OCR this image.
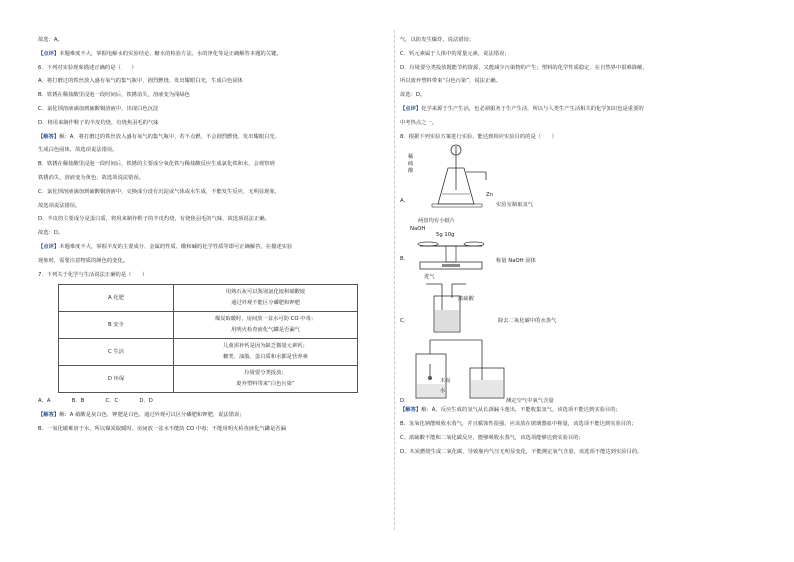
故选：A。
【点评】本题难度不大，掌握电解水的实验结论、糖水的检验方法、水的净化等是正确解答本题的关键。
6．下列对实验现象描述正确的是（　　）
A．将打磨过的铁丝放入盛有氧气的集气瓶中，剧烈燃烧、发出耀眼白光，生成白色固体
B．铁锈在稀盐酸里浸泡一段时间后，铁锈消失，溶液变为浅绿色
C．氯化钡溶液滴加到硫酸铜溶液中，出现白色沉淀
D．将用来制作鞋子的羊皮灼烧，有烧焦羽毛的气味
【解答】解：A．将打磨过的铁丝放入盛有氧气的集气瓶中，若不点燃，不会剧烈燃烧、发出耀眼白光、
生成白色固体，故选项说法错误。
B．铁锈在稀盐酸里浸泡一段时间后，铁锈的主要成分氧化铁与稀盐酸反应生成氯化铁和水，会观察到
铁锈消失，溶液变为黄色，故选项说法错误。
C．氯化钡溶液滴加到硫酸铜溶液中，交换成分没有沉淀或气体或水生成，不能发生反应，无明显现象，
故选项说法错误。
D．羊皮的主要成分是蛋白质，将用来制作鞋子的羊皮灼烧，有烧焦羽毛的气味，故选项说法正确。
故选：D。
【点评】本题难度不大，掌握羊皮的主要成分、金属的性质、酸和碱的化学性质等即可正确解答，在描述实验
现象时，需要注意物质的颜色的变化。
7．下列关于化学与生活说法正确的是（　　）
A 化肥	用熟石灰可以鉴别氯化铵和硝酸铵
通过外观不能区分磷肥和钾肥

B 安全	煤炭取暖时，房间放一盆水可防 CO 中毒；
用明火检查液化气罐是否漏气

C 生活	儿童需补钙是因为缺乏微量元素钙；
糖类、油脂、蛋白质和水都是营养素

D 环保	垃圾要分类投放；
废弃塑料带来“白色污染”
A．A　　　　B．B　　　　C．C　　　　D．D
【解答】解：A 硝酸是灰白色，钾肥是白色，通过外观可以区分磷肥和钾肥，说法错误；
B．一氧化碳难溶于水，所以煤炭取暖时，房间放一盆水不能防 CO 中毒；不能用明火检查液化气罐是否漏
气，以防发生爆炸，说法错误；
C．钙元素属于人体中的常量元素，说法错误；
D．垃圾要分类投放既能节约资源，又能减少污染物的产生；塑料的化学性质稳定，在自然界中很难降解，
所以废弃塑料带来“白色污染”，说法正确。
故选：D。
【点评】化学来源于生产生活，也必须服务于生产生活，所以与人类生产生活相关的化学知识也是重要的
中考热点之一。
8．根据下列实验方案进行实验，能达到相应实验目的的是（　　）
A．
稀硫酸
Zn
实验室制取氢气
B．
两盘均有小纸片
NaOH
5g 10g
称量 NaOH 固体
C．
进气
浓硫酸
除去二氧化碳中的水蒸气
D．
木炭
水
测定空气中氧气含量
【解答】解：A、反应生成的氢气从长颈漏斗逸出，不能收集氢气，该选项不能达到实验目的；
B、氢氧化钠能吸收水蒸气，并且腐蚀性很强，应该放在玻璃器皿中称量，该选项不能达到实验目的；
C、浓硫酸不能和二氧化碳反应，能够吸收水蒸气，该选项能够达到实验目的；
D、木炭燃烧生成二氧化碳，导致瓶内气压无明显变化，不能测定氧气含量，该选项不能达到实验目的。
